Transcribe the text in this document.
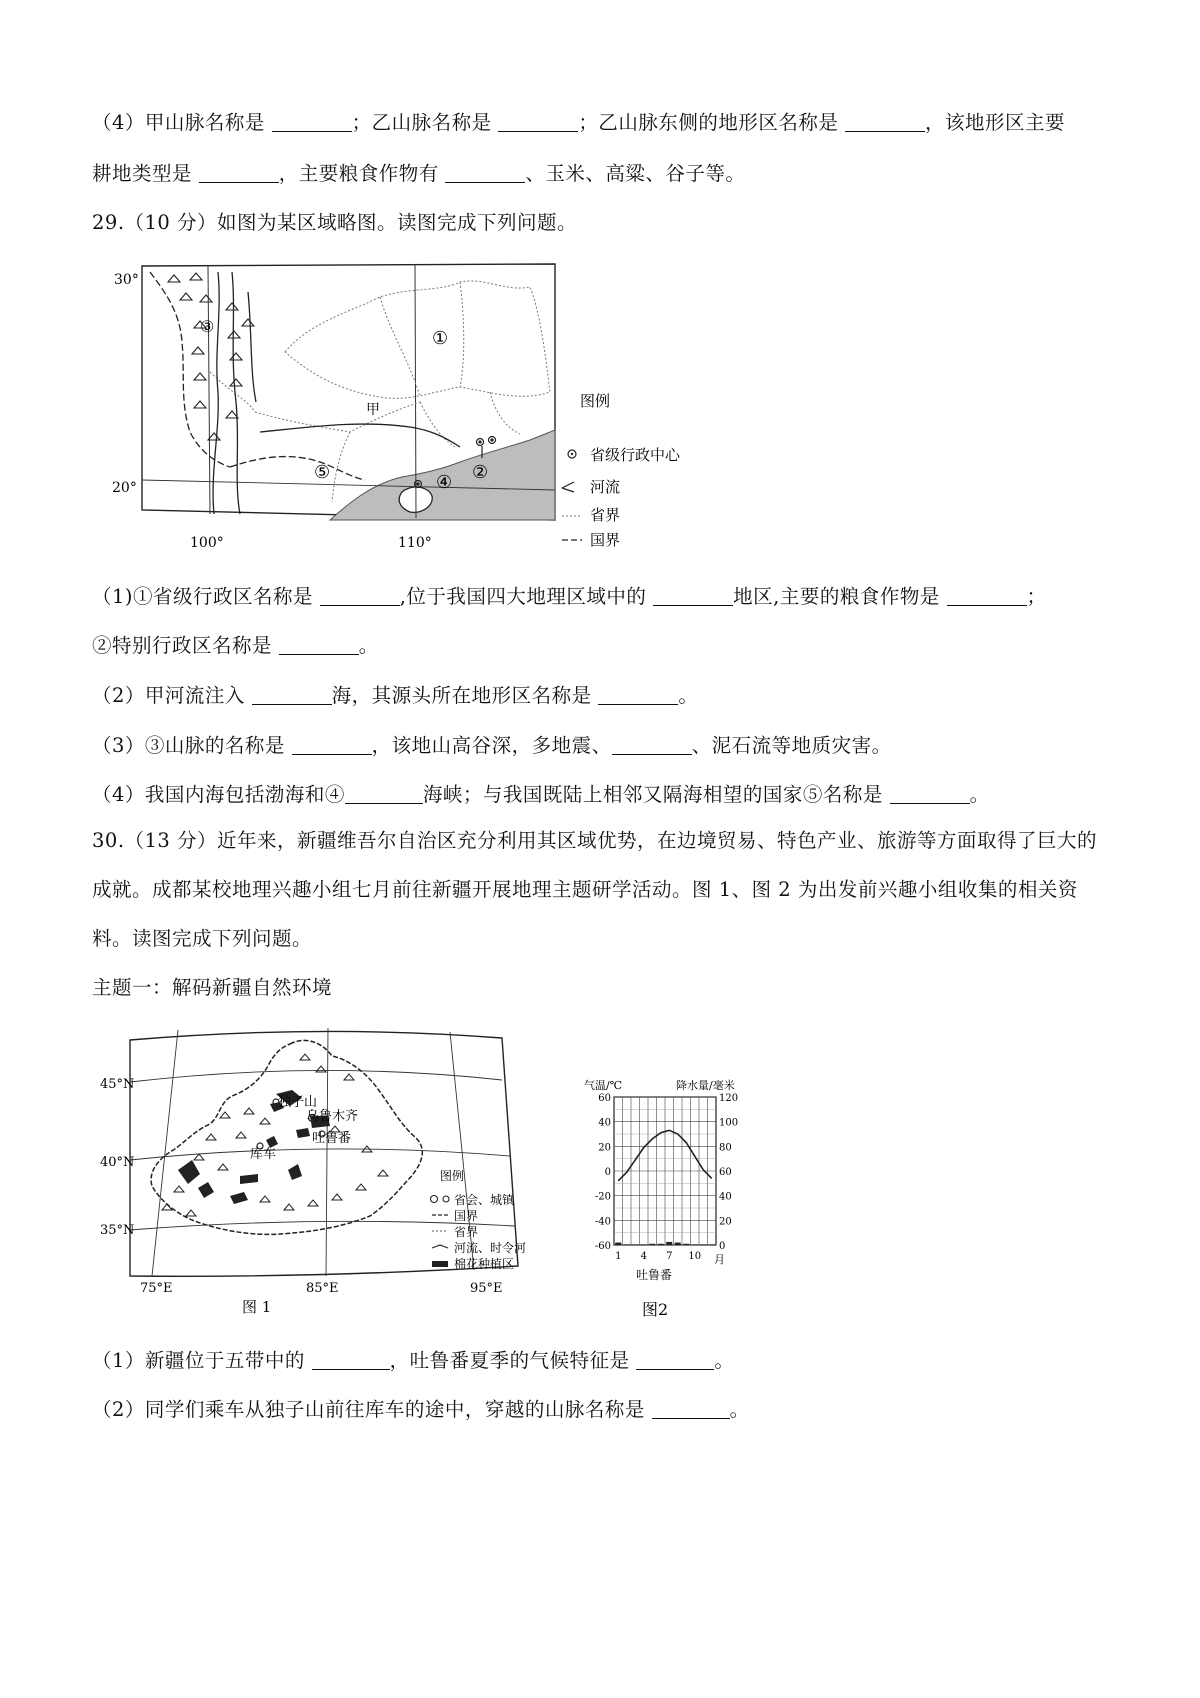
（4）甲山脉名称是	；乙山脉名称是	；乙山脉东侧的地形区名称是	，该地形区主要
耕地类型是	，主要粮食作物有	、玉米、高粱、谷子等。
29.（10 分）如图为某区域略图。读图完成下列问题。
30°
20°
100°	110°
①
②
③
④
⑤
甲	图例
省级行政中心
河流
省界
国界
（1)①省级行政区名称是	,位于我国四大地理区域中的	地区,主要的粮食作物是	；
②特别行政区名称是	。
（2）甲河流注入	海，其源头所在地形区名称是	。
（3）③山脉的名称是	，该地山高谷深，多地震、	、泥石流等地质灾害。
（4）我国内海包括渤海和④	海峡；与我国既陆上相邻又隔海相望的国家⑤名称是	。
30.（13 分）近年来，新疆维吾尔自治区充分利用其区域优势，在边境贸易、特色产业、旅游等方面取得了巨大的
成就。成都某校地理兴趣小组七月前往新疆开展地理主题研学活动。图 1、图 2 为出发前兴趣小组收集的相关资
料。读图完成下列问题。
主题一：解码新疆自然环境
独子山
乌鲁木齐
吐鲁番
库车
45°N
40°N
35°N
75°E	85°E	95°E
图例
省会、城镇
国界
省界
河流、时令河
棉花种植区
图 1
气温/℃	降水量/毫米
-60
-40
-20
0
20
40
60
0
20
40
60
80
100
120
1 4 7 10 月
吐鲁番
图2
（1）新疆位于五带中的	，吐鲁番夏季的气候特征是	。
（2）同学们乘车从独子山前往库车的途中，穿越的山脉名称是	。
